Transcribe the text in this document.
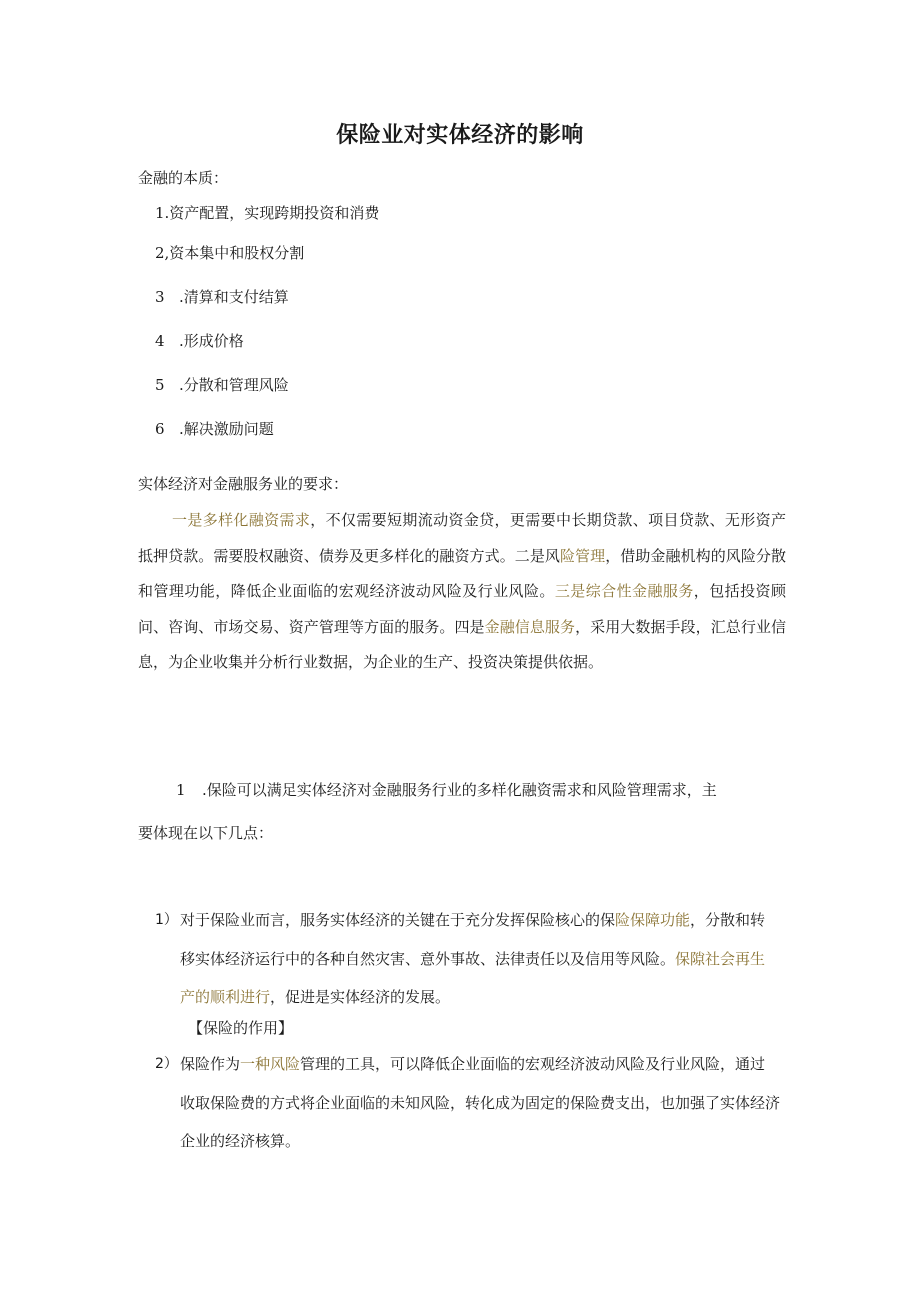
保险业对实体经济的影响
金融的本质：
1.资产配置，实现跨期投资和消费
2,资本集中和股权分割
3 .清算和支付结算
4 .形成价格
5 .分散和管理风险
6 .解决激励问题
实体经济对金融服务业的要求：
一是多样化融资需求，不仅需要短期流动资金贷，更需要中长期贷款、项目贷款、无形资产抵押贷款。需要股权融资、债券及更多样化的融资方式。二是风险管理，借助金融机构的风险分散和管理功能，降低企业面临的宏观经济波动风险及行业风险。三是综合性金融服务，包括投资顾问、咨询、市场交易、资产管理等方面的服务。四是金融信息服务，采用大数据手段，汇总行业信息，为企业收集并分析行业数据，为企业的生产、投资决策提供依据。
1 .保险可以满足实体经济对金融服务行业的多样化融资需求和风险管理需求，主
要体现在以下几点：
1） 对于保险业而言，服务实体经济的关键在于充分发挥保险核心的保险保障功能，分散和转移实体经济运行中的各种自然灾害、意外事故、法律责任以及信用等风险。保隙社会再生产的顺利进行，促进是实体经济的发展。
【保险的作用】
2） 保险作为一种风险管理的工具，可以降低企业面临的宏观经济波动风险及行业风险，通过收取保险费的方式将企业面临的未知风险，转化成为固定的保险费支出，也加强了实体经济企业的经济核算。
